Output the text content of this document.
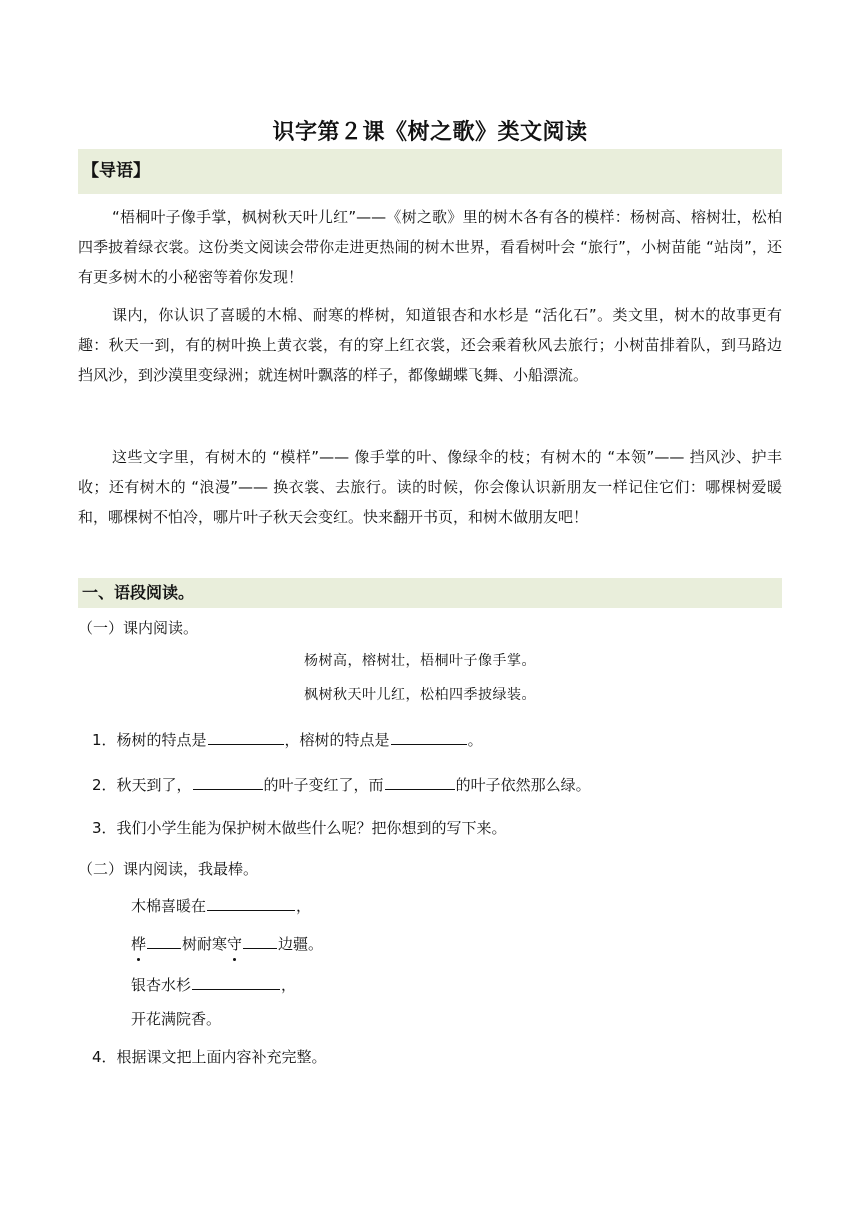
识字第２课《树之歌》类文阅读
【导语】

“梧桐叶子像手掌，枫树秋天叶儿红”——《树之歌》里的树木各有各的模样：杨树高、榕树壮，松柏四季披着绿衣裳。这份类文阅读会带你走进更热闹的树木世界，看看树叶会 “旅行”，小树苗能 “站岗”，还有更多树木的小秘密等着你发现！

课内，你认识了喜暖的木棉、耐寒的桦树，知道银杏和水杉是 “活化石”。类文里，树木的故事更有趣：秋天一到，有的树叶换上黄衣裳，有的穿上红衣裳，还会乘着秋风去旅行；小树苗排着队，到马路边挡风沙，到沙漠里变绿洲；就连树叶飘落的样子，都像蝴蝶飞舞、小船漂流。

这些文字里，有树木的 “模样”—— 像手掌的叶、像绿伞的枝；有树木的 “本领”—— 挡风沙、护丰收；还有树木的 “浪漫”—— 换衣裳、去旅行。读的时候，你会像认识新朋友一样记住它们：哪棵树爱暖和，哪棵树不怕冷，哪片叶子秋天会变红。快来翻开书页，和树木做朋友吧！

一、语段阅读。
（一）课内阅读。
杨树高，榕树壮，梧桐叶子像手掌。
枫树秋天叶儿红，松柏四季披绿装。
1．杨树的特点是	，榕树的特点是	。
2．秋天到了，	的叶子变红了，而	的叶子依然那么绿。
3．我们小学生能为保护树木做些什么呢？把你想到的写下来。
（二）课内阅读，我最棒。
木棉喜暖在	，
桦 树耐寒守 边疆。
银杏水杉	，
开花满院香。
4．根据课文把上面内容补充完整。
